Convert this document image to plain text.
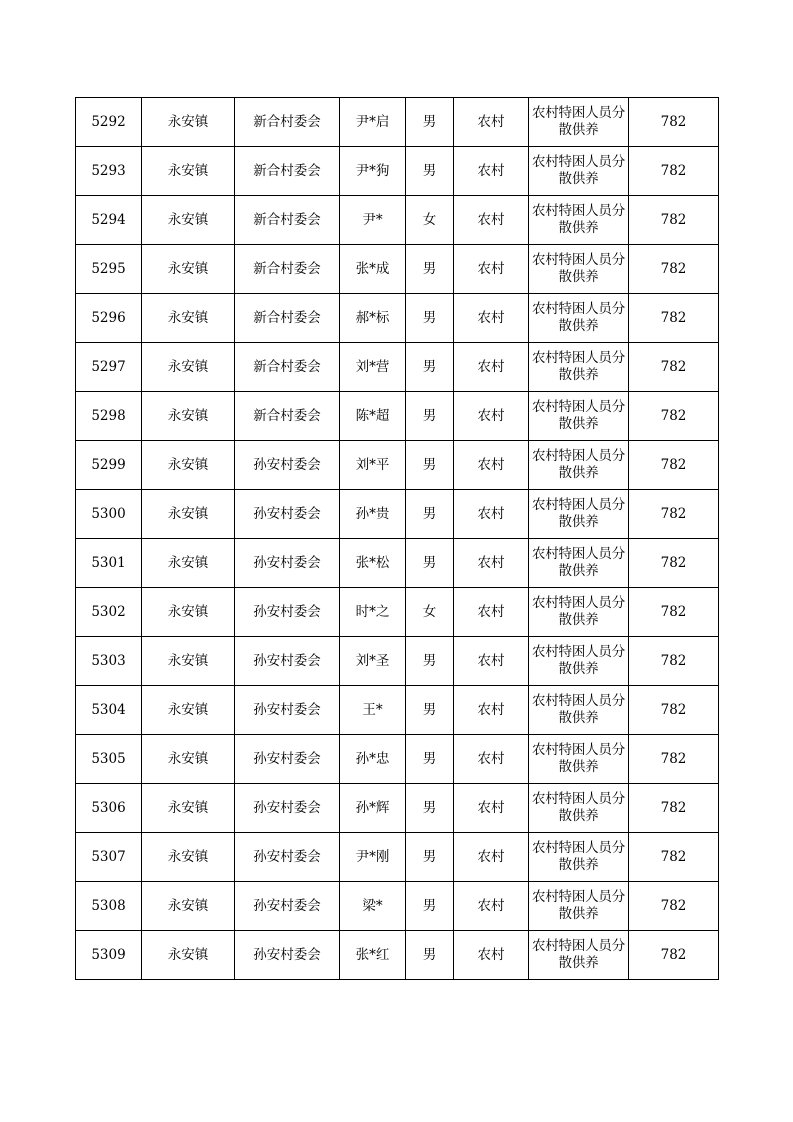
5292	永安镇	新合村委会	尹*启	男	农村	农村特困人员分散供养	782
5293	永安镇	新合村委会	尹*狗	男	农村	农村特困人员分散供养	782
5294	永安镇	新合村委会	尹*	女	农村	农村特困人员分散供养	782
5295	永安镇	新合村委会	张*成	男	农村	农村特困人员分散供养	782
5296	永安镇	新合村委会	郝*标	男	农村	农村特困人员分散供养	782
5297	永安镇	新合村委会	刘*营	男	农村	农村特困人员分散供养	782
5298	永安镇	新合村委会	陈*超	男	农村	农村特困人员分散供养	782
5299	永安镇	孙安村委会	刘*平	男	农村	农村特困人员分散供养	782
5300	永安镇	孙安村委会	孙*贵	男	农村	农村特困人员分散供养	782
5301	永安镇	孙安村委会	张*松	男	农村	农村特困人员分散供养	782
5302	永安镇	孙安村委会	时*之	女	农村	农村特困人员分散供养	782
5303	永安镇	孙安村委会	刘*圣	男	农村	农村特困人员分散供养	782
5304	永安镇	孙安村委会	王*	男	农村	农村特困人员分散供养	782
5305	永安镇	孙安村委会	孙*忠	男	农村	农村特困人员分散供养	782
5306	永安镇	孙安村委会	孙*辉	男	农村	农村特困人员分散供养	782
5307	永安镇	孙安村委会	尹*刚	男	农村	农村特困人员分散供养	782
5308	永安镇	孙安村委会	梁*	男	农村	农村特困人员分散供养	782
5309	永安镇	孙安村委会	张*红	男	农村	农村特困人员分散供养	782
